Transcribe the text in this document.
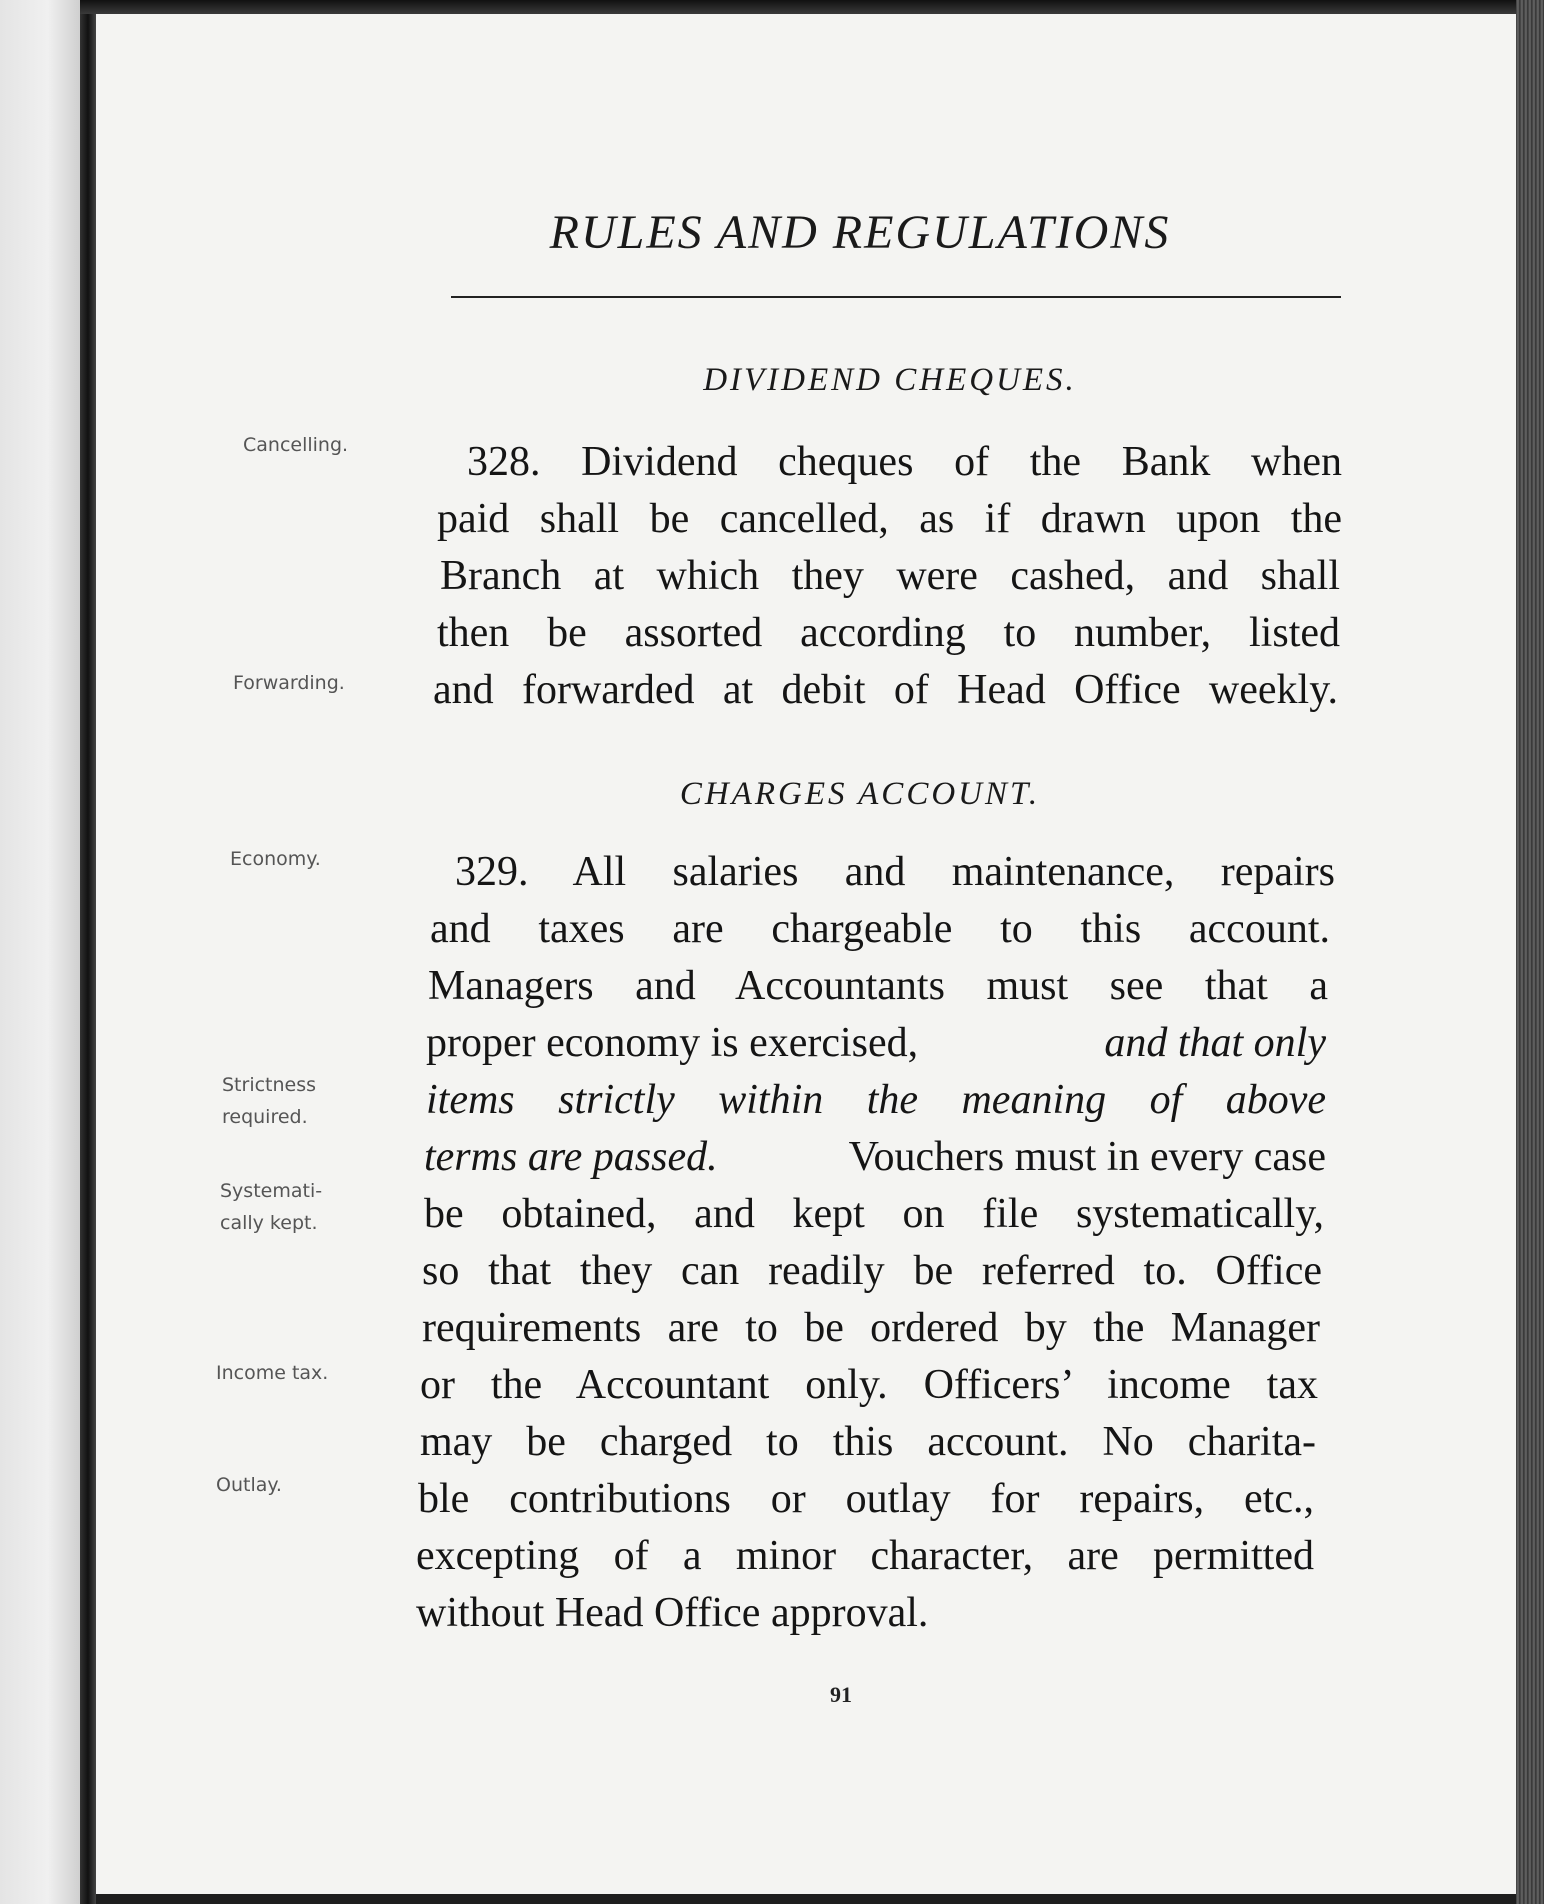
RULES AND REGULATIONS
DIVIDEND CHEQUES.
Cancelling.
Forwarding.
328. Dividend cheques of the Bank when
paid shall be cancelled, as if drawn upon the
Branch at which they were cashed, and shall
then be assorted according to number, listed
and forwarded at debit of Head Office weekly.
CHARGES ACCOUNT.
Economy.
Strictness
required.
Systemati-
cally kept.
Income tax.
Outlay.
329. All salaries and maintenance, repairs
and taxes are chargeable to this account.
Managers and Accountants must see that a
proper economy is exercised,	and that only
items strictly within the meaning of above
terms are passed.	Vouchers must in every case
be obtained, and kept on file systematically,
so that they can readily be referred to. Office
requirements are to be ordered by the Manager
or the Accountant only. Officers’ income tax
may be charged to this account. No charita-
ble contributions or outlay for repairs, etc.,
excepting of a minor character, are permitted
without Head Office approval.
91
